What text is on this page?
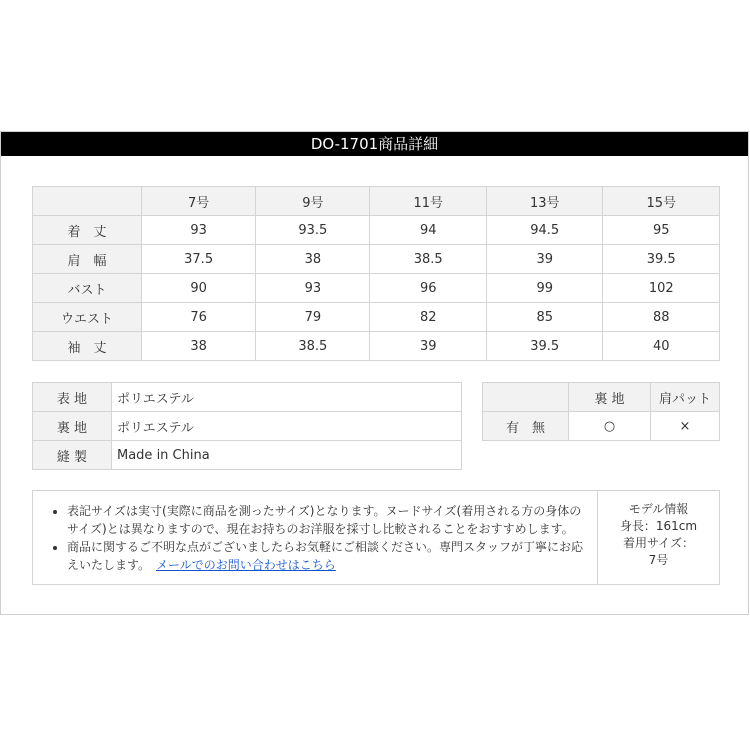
DO-1701商品詳細
	7号	9号	11号	13号	15号
着　丈	93	93.5	94	94.5	95
肩　幅	37.5	38	38.5	39	39.5
バスト	90	93	96	99	102
ウエスト	76	79	82	85	88
袖　丈	38	38.5	39	39.5	40
表 地	ポリエステル
裏 地	ポリエステル
縫 製	Made in China
	裏 地	肩パット
有　無	○	×
• 表記サイズは実寸(実際に商品を測ったサイズ)となります。ヌードサイズ(着用される方の身体のサイズ)とは異なりますので、現在お持ちのお洋服を採寸し比較されることをおすすめします。
• 商品に関するご不明な点がございましたらお気軽にご相談ください。専門スタッフが丁寧にお応えいたします。 メールでのお問い合わせはこちら
モデル情報
身長：161cm
着用サイズ：
7号
